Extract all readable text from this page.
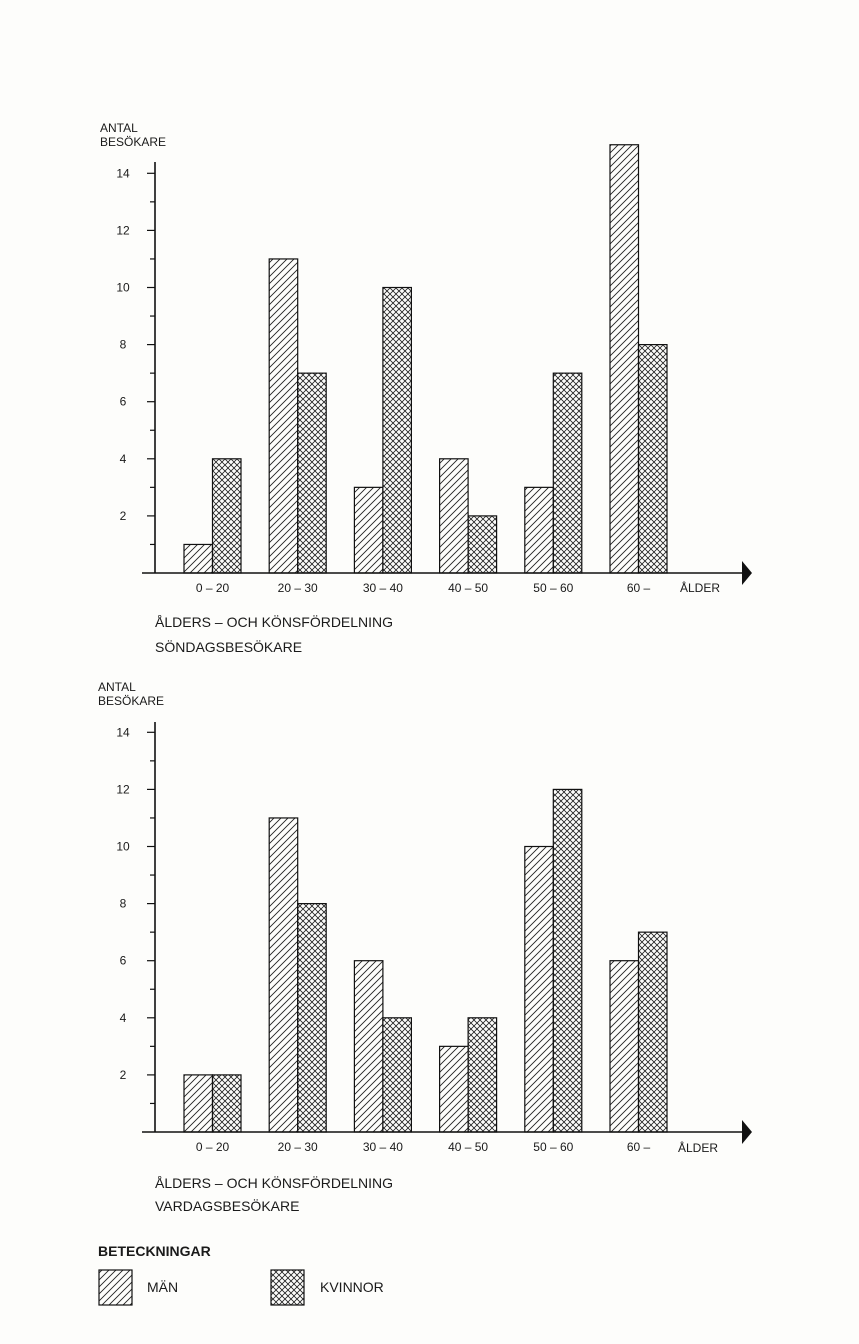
ANTAL
BESÖKARE
2
4
6
8
10
12
14
0 – 20	20 – 30	30 – 40	40 – 50	50 – 60	60 – ÅLDER
ÅLDERS – OCH KÖNSFÖRDELNING
SÖNDAGSBESÖKARE
ANTAL
BESÖKARE
2
4
6
8
10
12
14
0 – 20	20 – 30	30 – 40	40 – 50	50 – 60	60 – ÅLDER
ÅLDERS – OCH KÖNSFÖRDELNING
VARDAGSBESÖKARE
BETECKNINGAR
MÄN	KVINNOR
